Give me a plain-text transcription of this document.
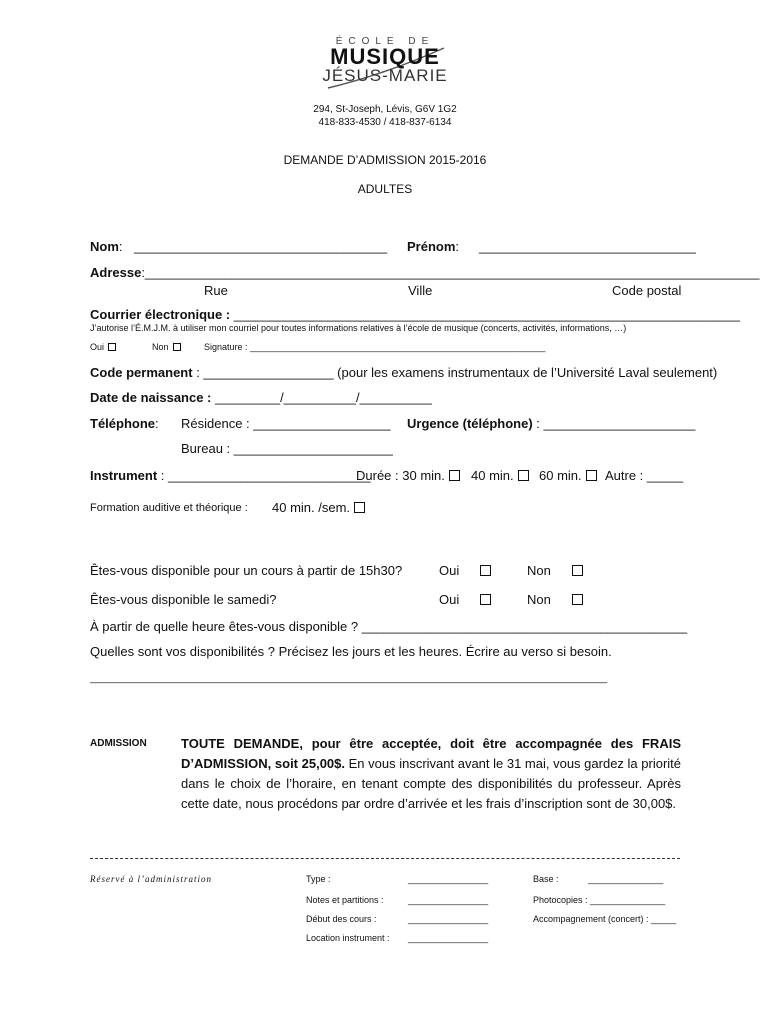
ÉCOLE DE
MUSIQUE
JÉSUS-MARIE
294, St-Joseph, Lévis, G6V 1G2
418-833-4530 / 418-837-6134
DEMANDE D’ADMISSION 2015-2016
ADULTES
Nom: ___________________________________ Prénom: ______________________________
Adresse:_____________________________________________________________________________________
Rue	Ville	Code postal
Courrier électronique : ______________________________________________________________________
J’autorise l’É.M.J.M. à utiliser mon courriel pour toutes informations relatives à l’école de musique (concerts, activités, informations, …)
Oui	Non	Signature : ___________________________________________________________
Code permanent : __________________ (pour les examens instrumentaux de l’Université Laval seulement)
Date de naissance : _________/__________/__________
Téléphone: Résidence : ___________________ Urgence (téléphone) : _____________________
Bureau : ______________________
Instrument : ____________________________
Durée : 30 min.	40 min.	60 min.	Autre : _____
Formation auditive et théorique : 40 min. /sem.
Êtes-vous disponible pour un cours à partir de 15h30?	Oui	Non
Êtes-vous disponible le samedi?	Oui	Non
À partir de quelle heure êtes-vous disponible ? _____________________________________________
Quelles sont vos disponibilités ? Précisez les jours et les heures. Écrire au verso si besoin.
_____________________________________________________________________________________________
ADMISSION	TOUTE DEMANDE, pour être acceptée, doit être accompagnée des FRAIS D’ADMISSION, soit 25,00$. En vous inscrivant avant le 31 mai, vous gardez la priorité dans le choix de l’horaire, en tenant compte des disponibilités du professeur. Après cette date, nous procédons par ordre d’arrivée et les frais d’inscription sont de 30,00$.
Réservé à l’administration	Type :	________________
Notes et partitions :	________________
Début des cours :	________________
Location instrument : ________________
Base :	_______________
Photocopies : _______________
Accompagnement (concert) : _____
